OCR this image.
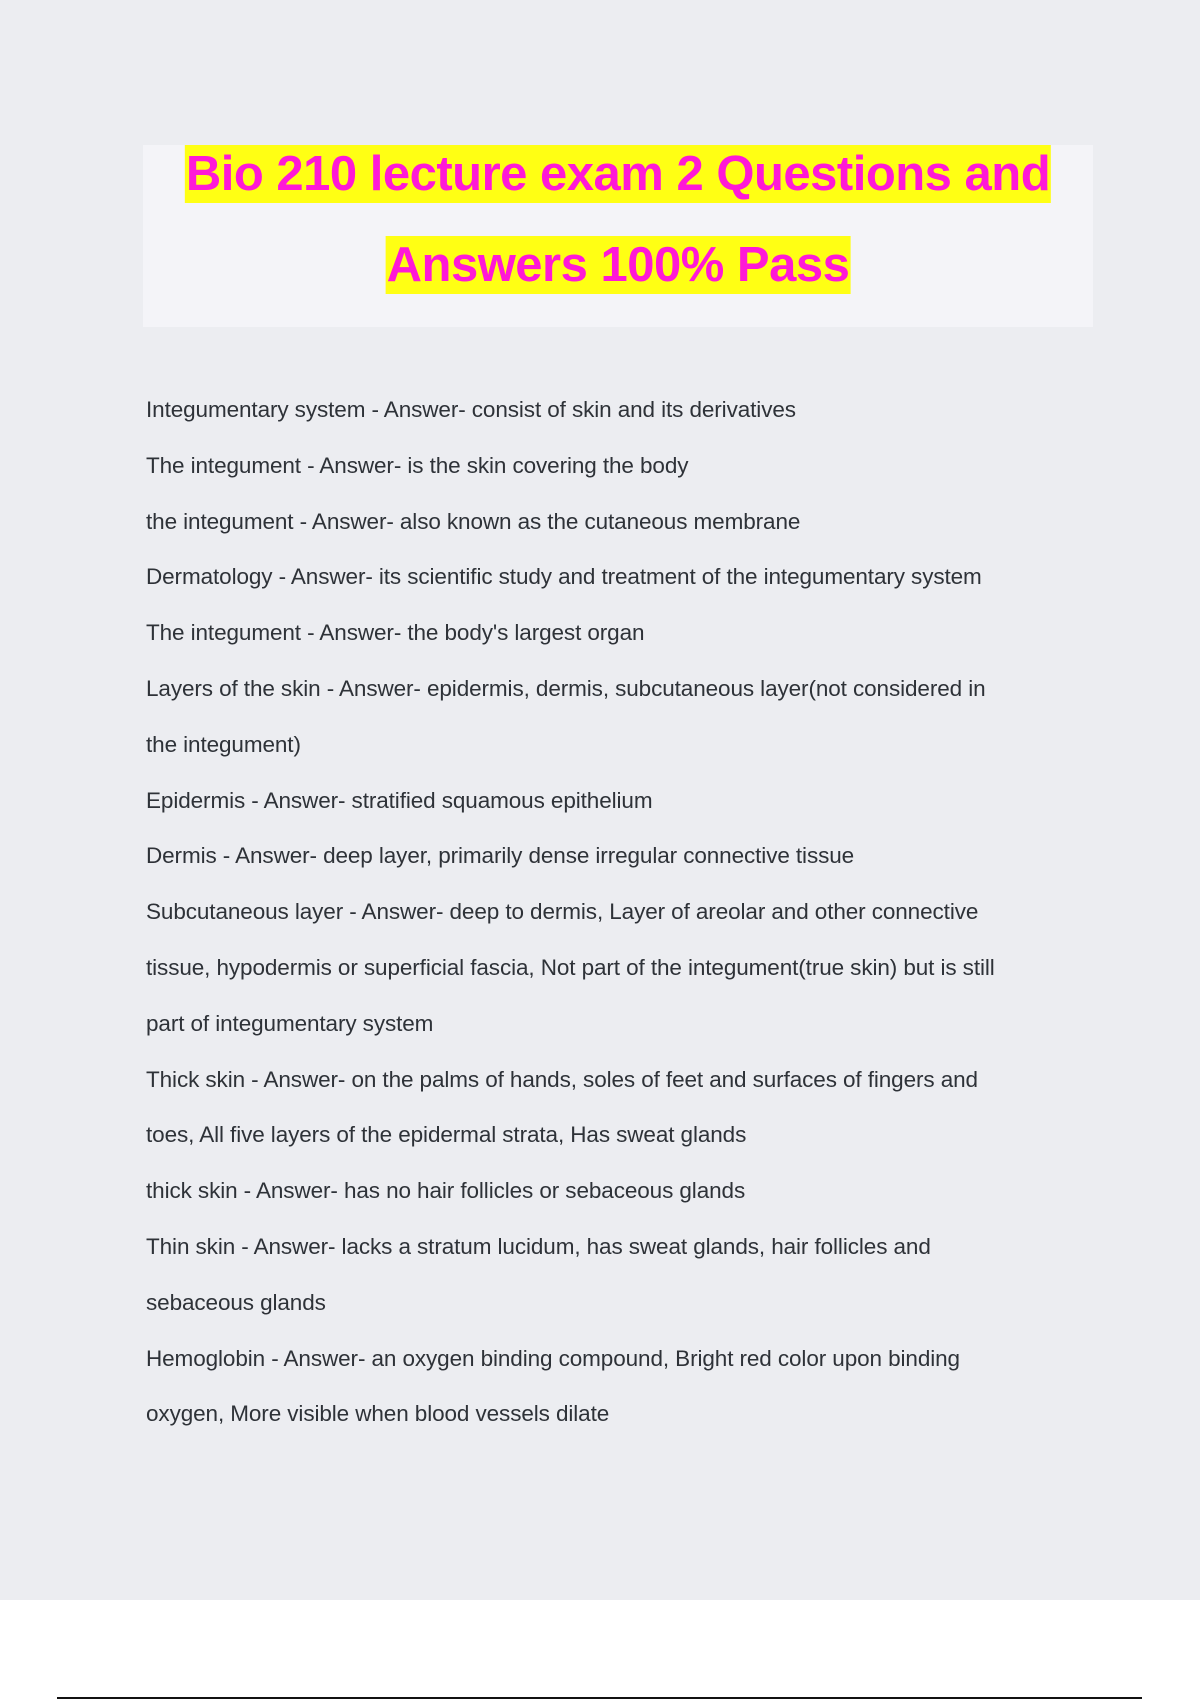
Bio 210 lecture exam 2 Questions and
Answers 100% Pass
Integumentary system - Answer- consist of skin and its derivatives
The integument - Answer- is the skin covering the body
the integument - Answer- also known as the cutaneous membrane
Dermatology - Answer- its scientific study and treatment of the integumentary system
The integument - Answer- the body's largest organ
Layers of the skin - Answer- epidermis, dermis, subcutaneous layer(not considered in
the integument)
Epidermis - Answer- stratified squamous epithelium
Dermis - Answer- deep layer, primarily dense irregular connective tissue
Subcutaneous layer - Answer- deep to dermis, Layer of areolar and other connective
tissue, hypodermis or superficial fascia, Not part of the integument(true skin) but is still
part of integumentary system
Thick skin - Answer- on the palms of hands, soles of feet and surfaces of fingers and
toes, All five layers of the epidermal strata, Has sweat glands
thick skin - Answer- has no hair follicles or sebaceous glands
Thin skin - Answer- lacks a stratum lucidum, has sweat glands, hair follicles and
sebaceous glands
Hemoglobin - Answer- an oxygen binding compound, Bright red color upon binding
oxygen, More visible when blood vessels dilate
